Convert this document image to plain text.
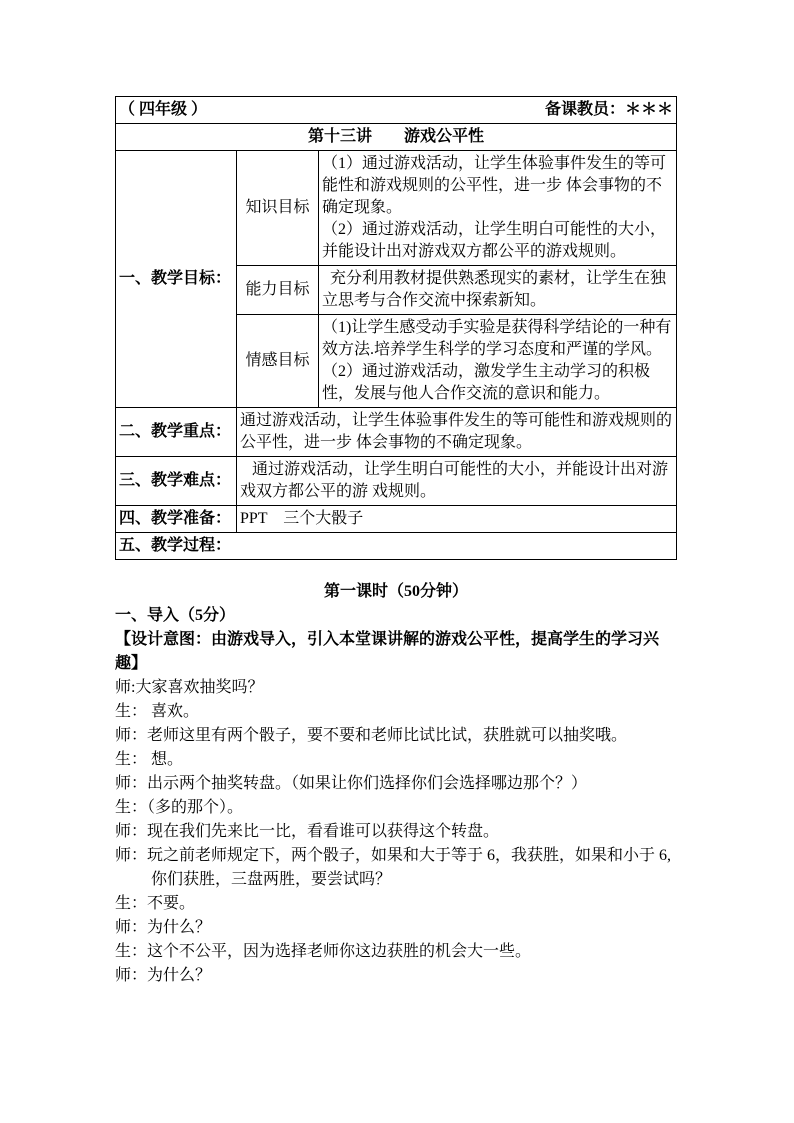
（ 四年级 ） 备课教员：＊＊＊		

第十三讲　　游戏公平性		
一、教学目标：	知识目标	（1）通过游戏活动，让学生体验事件发生的等可能性和游戏规则的公平性，进一步 体会事物的不确定现象。
（2）通过游戏活动，让学生明白可能性的大小，并能设计出对游戏双方都公平的游戏规则。

	能力目标	充分利用教材提供熟悉现实的素材，让学生在独立思考与合作交流中探索新知。

	情感目标	（1)让学生感受动手实验是获得科学结论的一种有效方法.培养学生科学的学习态度和严谨的学风。
（2）通过游戏活动，激发学生主动学习的积极性，发展与他人合作交流的意识和能力。

二、教学重点：	通过游戏活动，让学生体验事件发生的等可能性和游戏规则的公平性，进一步 体会事物的不确定现象。	
三、教学难点：	通过游戏活动，让学生明白可能性的大小，并能设计出对游戏双方都公平的游 戏规则。	
四、教学准备：	PPT　三个大骰子	
五、教学过程：		
第一课时（50分钟）
一、导入（5分）
【设计意图：由游戏导入，引入本堂课讲解的游戏公平性，提高学生的学习兴趣】
师:大家喜欢抽奖吗？
生： 喜欢。
师：老师这里有两个骰子，要不要和老师比试比试，获胜就可以抽奖哦。
生： 想。
师：出示两个抽奖转盘。（如果让你们选择你们会选择哪边那个？）
生：（多的那个）。
师：现在我们先来比一比，看看谁可以获得这个转盘。
师：玩之前老师规定下，两个骰子，如果和大于等于 6，我获胜，如果和小于 6,
你们获胜，三盘两胜，要尝试吗？
生：不要。
师：为什么？
生：这个不公平，因为选择老师你这边获胜的机会大一些。
师：为什么？
